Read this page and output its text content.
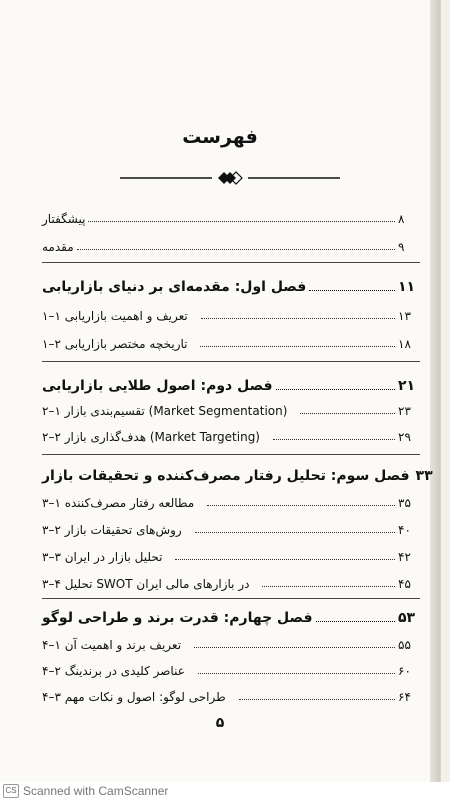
فهرست
پیشگفتار	۸
مقدمه	۹
فصل اول: مقدمه‌ای بر دنیای بازاریابی	۱۱
۱–۱ تعریف و اهمیت بازاریابی	۱۳
۱–۲ تاریخچه مختصر بازاریابی	۱۸
فصل دوم: اصول طلایی بازاریابی	۲۱
۲–۱ تقسیم‌بندی بازار (Market Segmentation)	۲۳
۲–۲ هدف‌گذاری بازار (Market Targeting)	۲۹
فصل سوم: تحلیل رفتار مصرف‌کننده و تحقیقات بازار ۳۳
۳–۱ مطالعه رفتار مصرف‌کننده	۳۵
۳–۲ روش‌های تحقیقات بازار	۴۰
۳–۳ تحلیل بازار در ایران	۴۲
۳–۴ تحلیل SWOT در بازارهای مالی ایران	۴۵
فصل چهارم: قدرت برند و طراحی لوگو	۵۳
۴–۱ تعریف برند و اهمیت آن	۵۵
۴–۲ عناصر کلیدی در برندینگ	۶۰
۴–۳ طراحی لوگو: اصول و نکات مهم	۶۴
۵
CS Scanned with CamScanner
